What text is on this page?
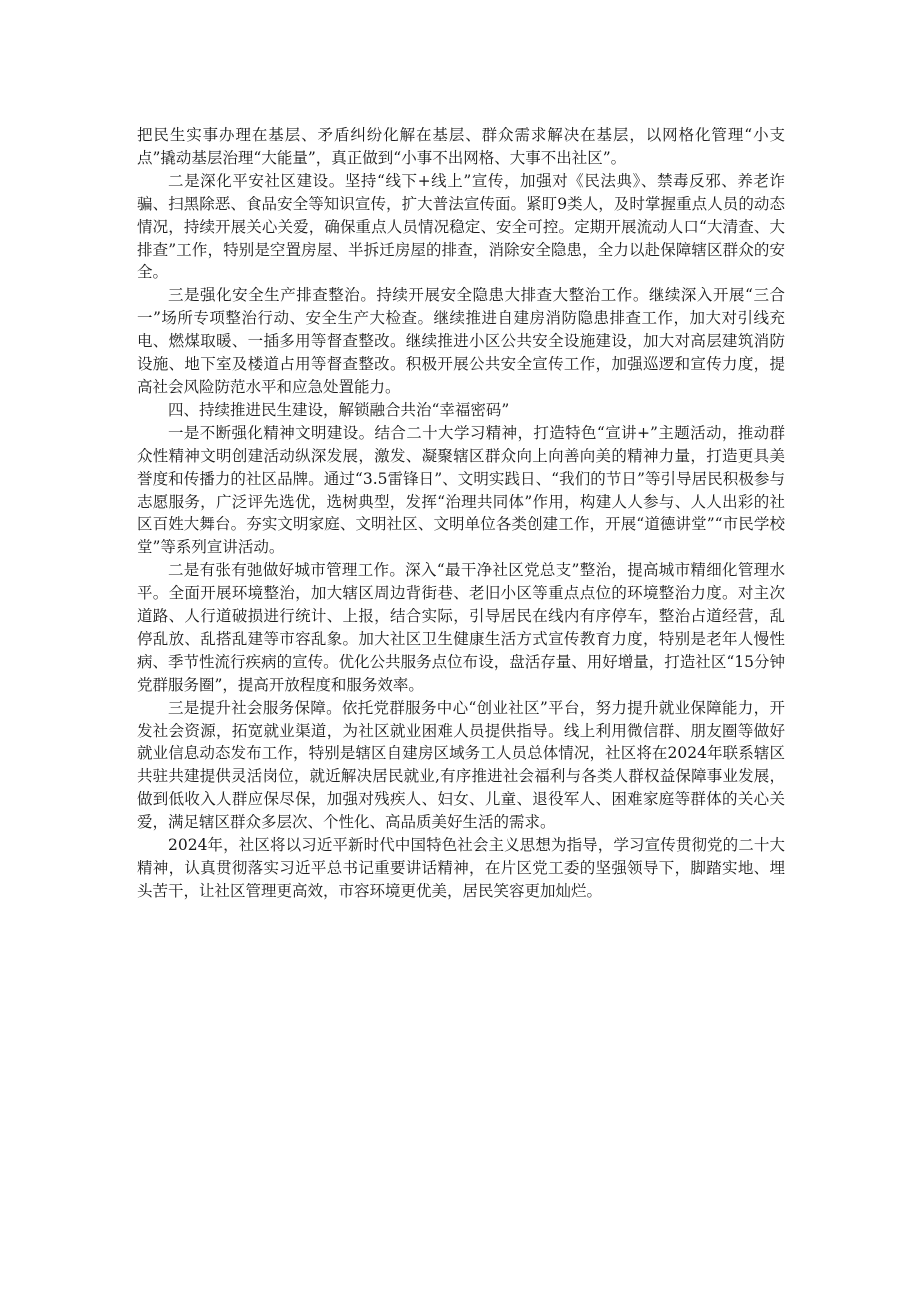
把民生实事办理在基层、矛盾纠纷化解在基层、群众需求解决在基层，以网格化管理“小支点”撬动基层治理“大能量”，真正做到“小事不出网格、大事不出社区”。

二是深化平安社区建设。坚持“线下+线上”宣传，加强对《民法典》、禁毒反邪、养老诈骗、扫黑除恶、食品安全等知识宣传，扩大普法宣传面。紧盯9类人，及时掌握重点人员的动态情况，持续开展关心关爱，确保重点人员情况稳定、安全可控。定期开展流动人口“大清查、大排查”工作，特别是空置房屋、半拆迁房屋的排查，消除安全隐患，全力以赴保障辖区群众的安全。

三是强化安全生产排查整治。持续开展安全隐患大排查大整治工作。继续深入开展“三合一”场所专项整治行动、安全生产大检查。继续推进自建房消防隐患排查工作，加大对引线充电、燃煤取暖、一插多用等督查整改。继续推进小区公共安全设施建设，加大对高层建筑消防设施、地下室及楼道占用等督查整改。积极开展公共安全宣传工作，加强巡逻和宣传力度，提高社会风险防范水平和应急处置能力。

四、持续推进民生建设，解锁融合共治“幸福密码”

一是不断强化精神文明建设。结合二十大学习精神，打造特色“宣讲+”主题活动，推动群众性精神文明创建活动纵深发展，激发、凝聚辖区群众向上向善向美的精神力量，打造更具美誉度和传播力的社区品牌。通过“3.5雷锋日”、文明实践日、“我们的节日”等引导居民积极参与志愿服务，广泛评先选优，选树典型，发挥“治理共同体”作用，构建人人参与、人人出彩的社区百姓大舞台。夯实文明家庭、文明社区、文明单位各类创建工作，开展“道德讲堂”“市民学校堂”等系列宣讲活动。

二是有张有弛做好城市管理工作。深入“最干净社区党总支”整治，提高城市精细化管理水平。全面开展环境整治，加大辖区周边背街巷、老旧小区等重点点位的环境整治力度。对主次道路、人行道破损进行统计、上报，结合实际，引导居民在线内有序停车，整治占道经营，乱停乱放、乱搭乱建等市容乱象。加大社区卫生健康生活方式宣传教育力度，特别是老年人慢性病、季节性流行疾病的宣传。优化公共服务点位布设，盘活存量、用好增量，打造社区“15分钟党群服务圈”，提高开放程度和服务效率。

三是提升社会服务保障。依托党群服务中心“创业社区”平台，努力提升就业保障能力，开发社会资源，拓宽就业渠道，为社区就业困难人员提供指导。线上利用微信群、朋友圈等做好就业信息动态发布工作，特别是辖区自建房区域务工人员总体情况，社区将在2024年联系辖区共驻共建提供灵活岗位，就近解决居民就业,有序推进社会福利与各类人群权益保障事业发展，做到低收入人群应保尽保，加强对残疾人、妇女、儿童、退役军人、困难家庭等群体的关心关爱，满足辖区群众多层次、个性化、高品质美好生活的需求。

2024年，社区将以习近平新时代中国特色社会主义思想为指导，学习宣传贯彻党的二十大精神，认真贯彻落实习近平总书记重要讲话精神，在片区党工委的坚强领导下，脚踏实地、埋头苦干，让社区管理更高效，市容环境更优美，居民笑容更加灿烂。
